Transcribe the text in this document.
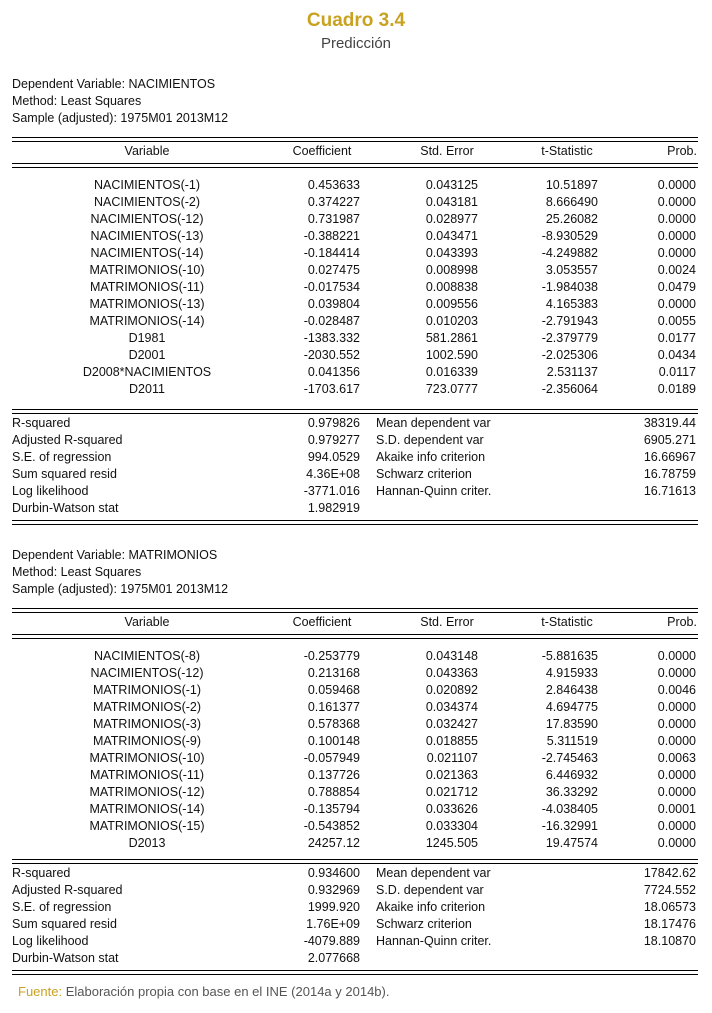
Cuadro 3.4
Predicción
Dependent Variable: NACIMIENTOS
Method: Least Squares
Sample (adjusted): 1975M01 2013M12
Variable	Coefficient	Std. Error	t-Statistic	Prob.
NACIMIENTOS(-1)	0.453633	0.043125	10.51897	0.0000
NACIMIENTOS(-2)	0.374227	0.043181	8.666490	0.0000
NACIMIENTOS(-12)	0.731987	0.028977	25.26082	0.0000
NACIMIENTOS(-13)	-0.388221	0.043471	-8.930529	0.0000
NACIMIENTOS(-14)	-0.184414	0.043393	-4.249882	0.0000
MATRIMONIOS(-10)	0.027475	0.008998	3.053557	0.0024
MATRIMONIOS(-11)	-0.017534	0.008838	-1.984038	0.0479
MATRIMONIOS(-13)	0.039804	0.009556	4.165383	0.0000
MATRIMONIOS(-14)	-0.028487	0.010203	-2.791943	0.0055
D1981	-1383.332	581.2861	-2.379779	0.0177
D2001	-2030.552	1002.590	-2.025306	0.0434
D2008*NACIMIENTOS	0.041356	0.016339	2.531137	0.0117
D2011	-1703.617	723.0777	-2.356064	0.0189
R-squared	0.979826 Mean dependent var	38319.44
Adjusted R-squared	0.979277 S.D. dependent var	6905.271
S.E. of regression	994.0529 Akaike info criterion	16.66967
Sum squared resid	4.36E+08 Schwarz criterion	16.78759
Log likelihood	-3771.016 Hannan-Quinn criter.	16.71613
Durbin-Watson stat	1.982919
Dependent Variable: MATRIMONIOS
Method: Least Squares
Sample (adjusted): 1975M01 2013M12
Variable	Coefficient	Std. Error	t-Statistic	Prob.
NACIMIENTOS(-8)	-0.253779	0.043148	-5.881635	0.0000
NACIMIENTOS(-12)	0.213168	0.043363	4.915933	0.0000
MATRIMONIOS(-1)	0.059468	0.020892	2.846438	0.0046
MATRIMONIOS(-2)	0.161377	0.034374	4.694775	0.0000
MATRIMONIOS(-3)	0.578368	0.032427	17.83590	0.0000
MATRIMONIOS(-9)	0.100148	0.018855	5.311519	0.0000
MATRIMONIOS(-10)	-0.057949	0.021107	-2.745463	0.0063
MATRIMONIOS(-11)	0.137726	0.021363	6.446932	0.0000
MATRIMONIOS(-12)	0.788854	0.021712	36.33292	0.0000
MATRIMONIOS(-14)	-0.135794	0.033626	-4.038405	0.0001
MATRIMONIOS(-15)	-0.543852	0.033304	-16.32991	0.0000
D2013	24257.12	1245.505	19.47574	0.0000
R-squared	0.934600 Mean dependent var	17842.62
Adjusted R-squared	0.932969 S.D. dependent var	7724.552
S.E. of regression	1999.920 Akaike info criterion	18.06573
Sum squared resid	1.76E+09 Schwarz criterion	18.17476
Log likelihood	-4079.889 Hannan-Quinn criter.	18.10870
Durbin-Watson stat	2.077668
Fuente: Elaboración propia con base en el INE (2014a y 2014b).
